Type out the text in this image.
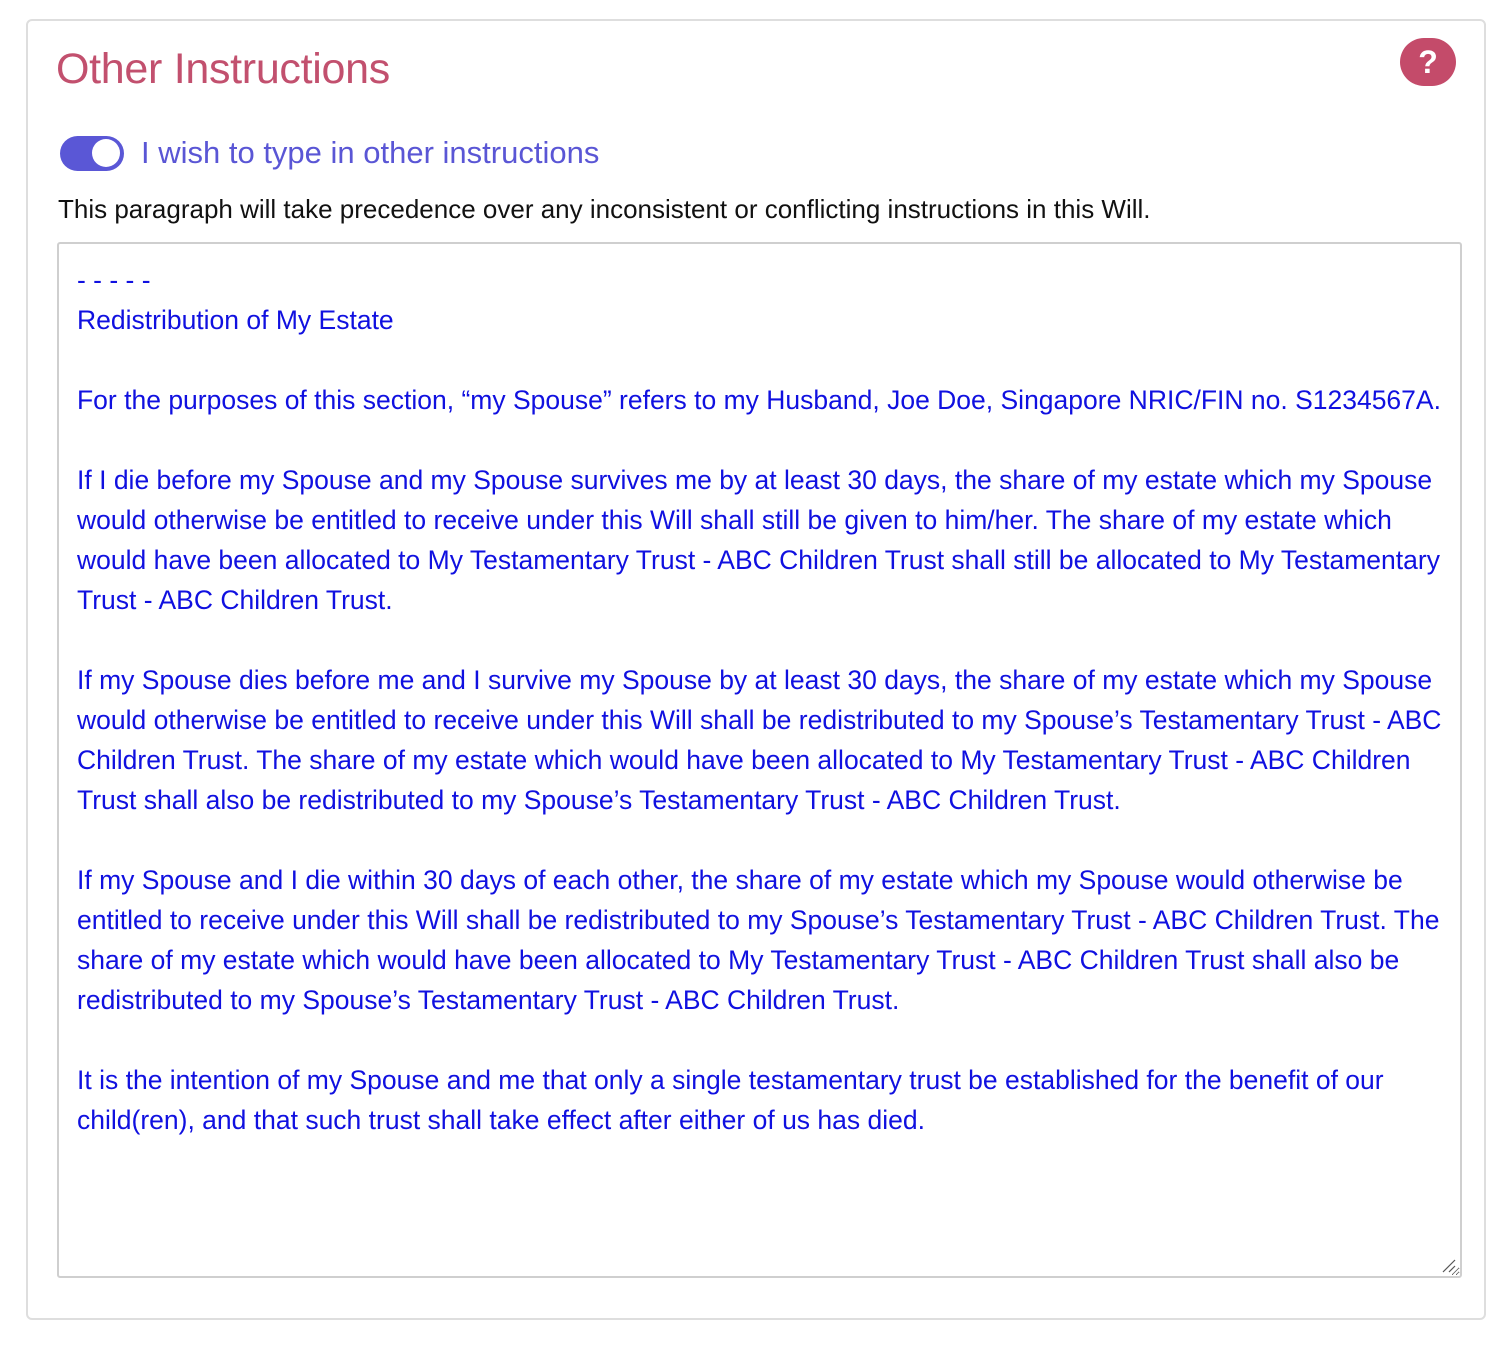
Other Instructions	?
I wish to type in other instructions
This paragraph will take precedence over any inconsistent or conflicting instructions in this Will.
- - - - - Redistribution of My Estate For the purposes of this section, “my Spouse” refers to my Husband, Joe Doe, Singapore NRIC/FIN no. S1234567A. If I die before my Spouse and my Spouse survives me by at least 30 days, the share of my estate which my Spouse would otherwise be entitled to receive under this Will shall still be given to him/her. The share of my estate which would have been allocated to My Testamentary Trust - ABC Children Trust shall still be allocated to My Testamentary Trust - ABC Children Trust. If my Spouse dies before me and I survive my Spouse by at least 30 days, the share of my estate which my Spouse would otherwise be entitled to receive under this Will shall be redistributed to my Spouse’s Testamentary Trust - ABC Children Trust. The share of my estate which would have been allocated to My Testamentary Trust - ABC Children Trust shall also be redistributed to my Spouse’s Testamentary Trust - ABC Children Trust. If my Spouse and I die within 30 days of each other, the share of my estate which my Spouse would otherwise be entitled to receive under this Will shall be redistributed to my Spouse’s Testamentary Trust - ABC Children Trust. The share of my estate which would have been allocated to My Testamentary Trust - ABC Children Trust shall also be redistributed to my Spouse’s Testamentary Trust - ABC Children Trust. It is the intention of my Spouse and me that only a single testamentary trust be established for the benefit of our child(ren), and that such trust shall take effect after either of us has died.
